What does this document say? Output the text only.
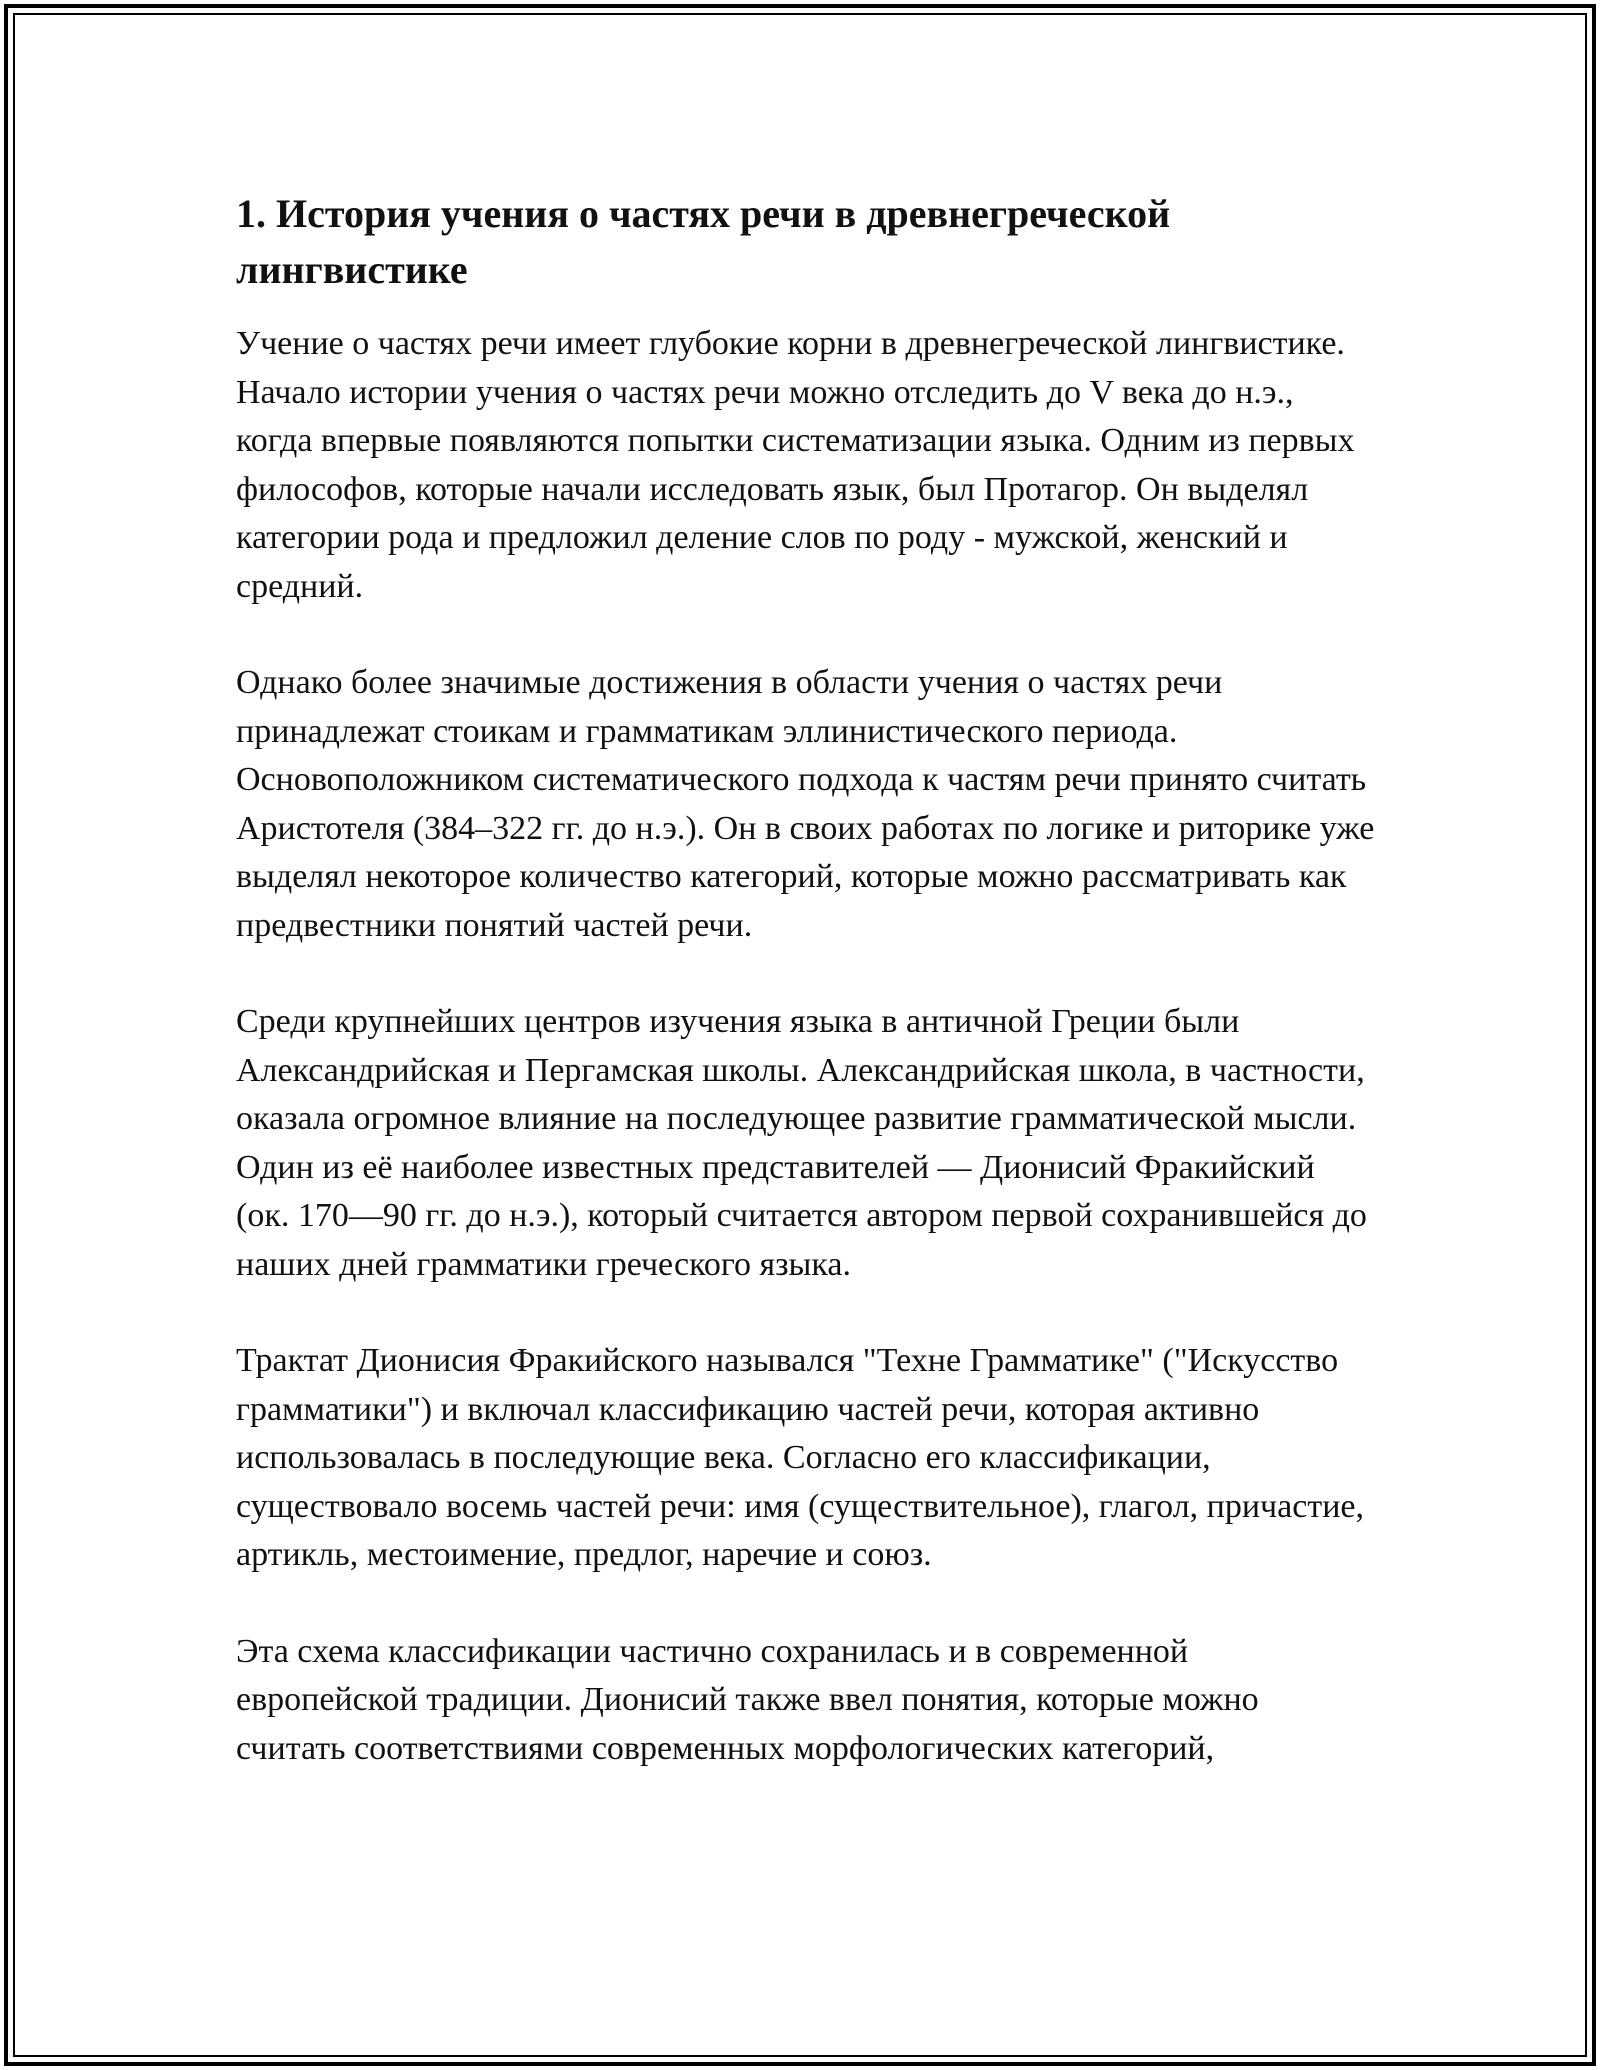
1. История учения о частях речи в древнегреческой лингвистике

Учение о частях речи имеет глубокие корни в древнегреческой лингвистике. Начало истории учения о частях речи можно отследить до V века до н.э., когда впервые появляются попытки систематизации языка. Одним из первых философов, которые начали исследовать язык, был Протагор. Он выделял категории рода и предложил деление слов по роду - мужской, женский и средний.

Однако более значимые достижения в области учения о частях речи принадлежат стоикам и грамматикам эллинистического периода. Основоположником систематического подхода к частям речи принято считать Аристотеля (384–322 гг. до н.э.). Он в своих работах по логике и риторике уже выделял некоторое количество категорий, которые можно рассматривать как предвестники понятий частей речи.

Среди крупнейших центров изучения языка в античной Греции были Александрийская и Пергамская школы. Александрийская школа, в частности, оказала огромное влияние на последующее развитие грамматической мысли. Один из её наиболее известных представителей — Дионисий Фракийский (ок. 170—90 гг. до н.э.), который считается автором первой сохранившейся до наших дней грамматики греческого языка.

Трактат Дионисия Фракийского назывался "Техне Грамматике" ("Искусство грамматики") и включал классификацию частей речи, которая активно использовалась в последующие века. Согласно его классификации, существовало восемь частей речи: имя (существительное), глагол, причастие, артикль, местоимение, предлог, наречие и союз.

Эта схема классификации частично сохранилась и в современной европейской традиции. Дионисий также ввел понятия, которые можно считать соответствиями современных морфологических категорий,
